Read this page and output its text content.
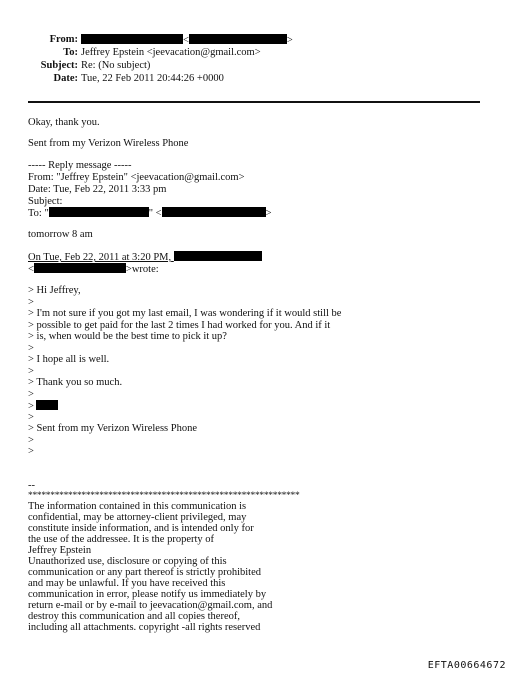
From:	<	>
To: Jeffrey Epstein <jeevacation@gmail.com>
Subject: Re: (No subject)
Date: Tue, 22 Feb 2011 20:44:26 +0000
Okay, thank you.
Sent from my Verizon Wireless Phone
----- Reply message -----
From: "Jeffrey Epstein" <jeevacation@gmail.com>
Date: Tue, Feb 22, 2011 3:33 pm
Subject:
To: "	" <	>
tomorrow 8 am
On Tue, Feb 22, 2011 at 3:20 PM,
<	>wrote:
> Hi Jeffrey,
>
> I'm not sure if you got my last email, I was wondering if it would still be
> possible to get paid for the last 2 times I had worked for you. And if it
> is, when would be the best time to pick it up?
>
> I hope all is well.
>
> Thank you so much.
>
>
>
> Sent from my Verizon Wireless Phone
>
>
--
*************************************************************
The information contained in this communication is
confidential, may be attorney-client privileged, may
constitute inside information, and is intended only for
the use of the addressee. It is the property of
Jeffrey Epstein
Unauthorized use, disclosure or copying of this
communication or any part thereof is strictly prohibited
and may be unlawful. If you have received this
communication in error, please notify us immediately by
return e-mail or by e-mail to jeevacation@gmail.com, and
destroy this communication and all copies thereof,
including all attachments. copyright -all rights reserved
EFTA00664672
